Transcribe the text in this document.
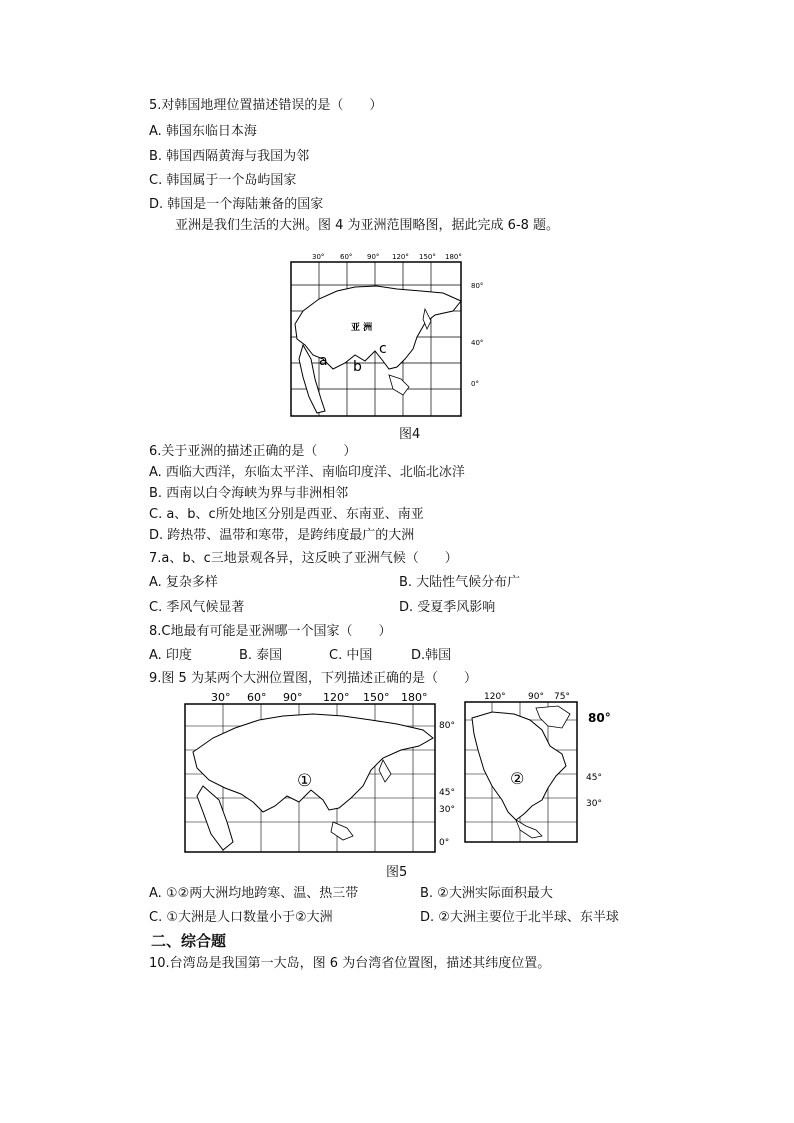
5.对韩国地理位置描述错误的是（　　）
A. 韩国东临日本海
B. 韩国西隔黄海与我国为邻
C. 韩国属于一个岛屿国家
D. 韩国是一个海陆兼备的国家
亚洲是我们生活的大洲。图 4 为亚洲范围略图，据此完成 6-8 题。
30° 60° 90° 120° 150° 180°
80°
40°
0°
亚 洲
a b
c
图4
6.关于亚洲的描述正确的是（　　）
A. 西临大西洋，东临太平洋、南临印度洋、北临北冰洋
B. 西南以白令海峡为界与非洲相邻
C. a、b、c所处地区分别是西亚、东南亚、南亚
D. 跨热带、温带和寒带，是跨纬度最广的大洲
7.a、b、c三地景观各异，这反映了亚洲气候（　　）
A. 复杂多样	B. 大陆性气候分布广
C. 季风气候显著	D. 受夏季风影响
8.C地最有可能是亚洲哪一个国家（　　）
A. 印度	B. 泰国	C. 中国	D.韩国
9.图 5 为某两个大洲位置图，下列描述正确的是（　　）
30° 60° 90° 120° 150° 180°
80°
45°
30°
0°
①
120° 90° 75°
80°
45°
30°
②
图5
A. ①②两大洲均地跨寒、温、热三带	B. ②大洲实际面积最大
C. ①大洲是人口数量小于②大洲	D. ②大洲主要位于北半球、东半球
二、综合题
10.台湾岛是我国第一大岛，图 6 为台湾省位置图，描述其纬度位置。
